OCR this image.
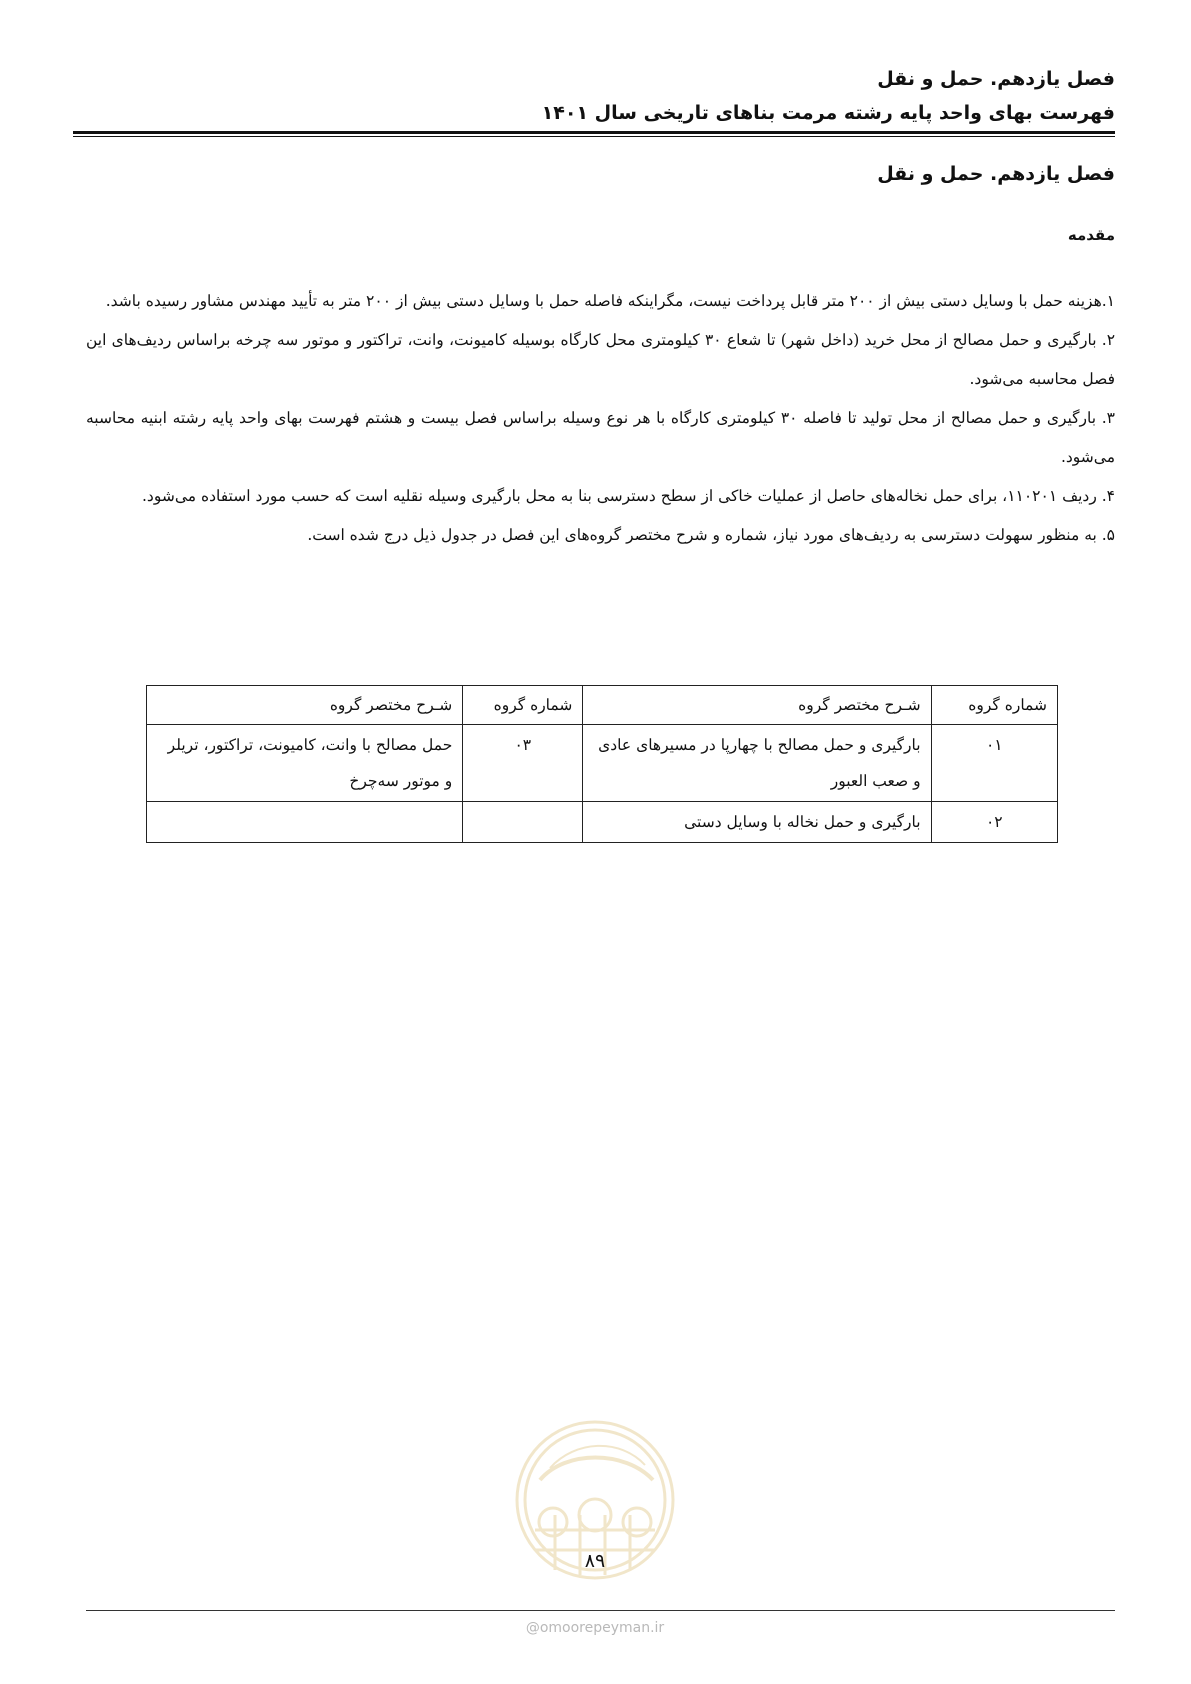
فصل یازدهم. حمل و نقل
فهرست بهای واحد پایه رشته مرمت بناهای تاریخی سال ۱۴۰۱
فصل یازدهم. حمل و نقل
مقدمه

۱.هزینه حمل با وسایل دستی بیش از ۲۰۰ متر قابل پرداخت نیست، مگراینکه فاصله حمل با وسایل دستی بیش از ۲۰۰ متر به تأیید مهندس مشاور رسیده باشد.

۲. بارگیری و حمل مصالح از محل خرید (داخل شهر) تا شعاع ۳۰ کیلومتری محل کارگاه بوسیله کامیونت، وانت، تراکتور و موتور سه چرخه براساس ردیف‌های این فصل محاسبه می‌شود.

۳. بارگیری و حمل مصالح از محل تولید تا فاصله ۳۰ کیلومتری کارگاه با هر نوع وسیله براساس فصل بیست و هشتم فهرست بهای واحد پایه رشته ابنیه محاسبه می‌شود.

۴. ردیف ۱۱۰۲۰۱، برای حمل نخاله‌های حاصل از عملیات خاکی از سطح دسترسی بنا به محل بارگیری وسیله نقلیه است که حسب مورد استفاده می‌شود.

۵. به منظور سهولت دسترسی به ردیف‌های مورد نیاز، شماره و شرح مختصر گروه‌های این فصل در جدول ذیل درج شده است.

شماره گروه	شـرح مختصر گروه	شماره گروه	شـرح مختصر گروه
۰۱	بارگیری و حمل مصالح با چهارپا در مسیرهای عادی و صعب العبور	۰۳	حمل مصالح با وانت، کامیونت، تراکتور، تریلر و موتور سه‌چرخ
۰۲	بارگیری و حمل نخاله با وسایل دستی		
۸۹
@omoorepeyman.ir
